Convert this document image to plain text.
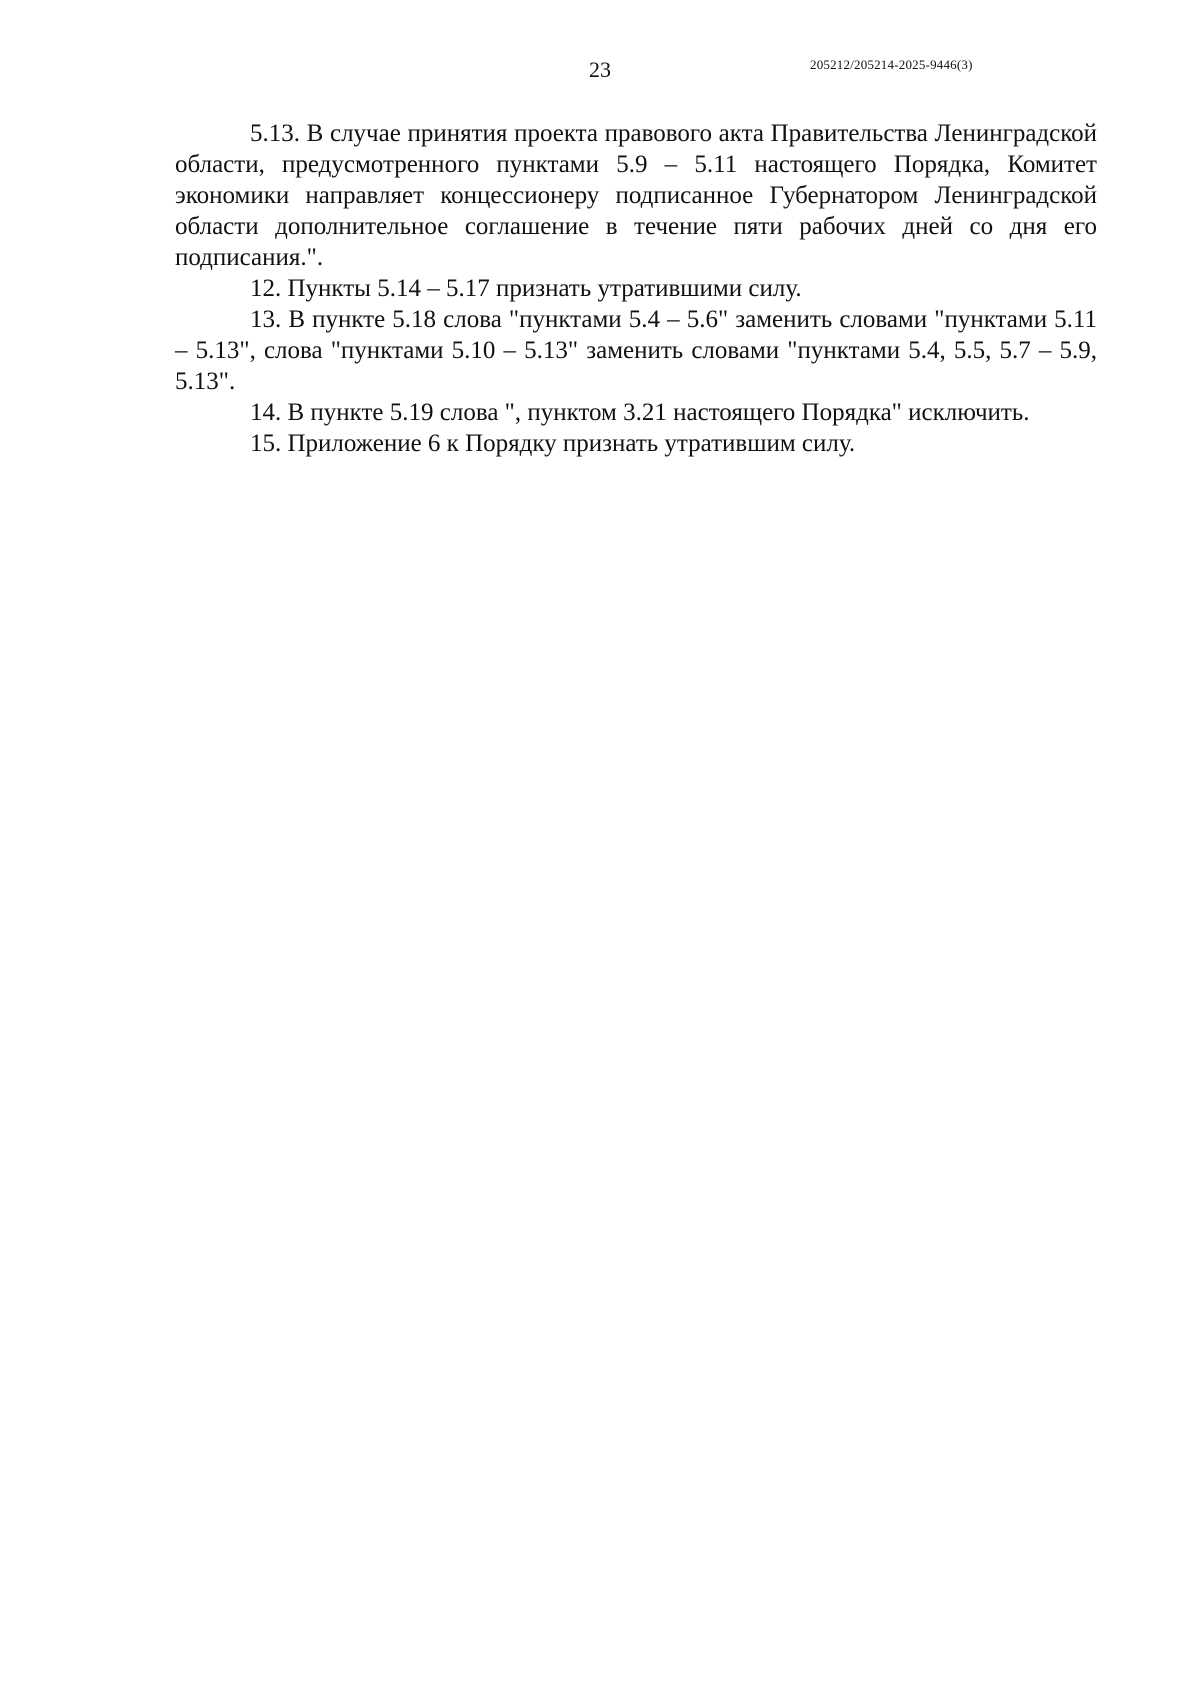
23	205212/205214-2025-9446(3)

5.13. В случае принятия проекта правового акта Правительства Ленинградской области, предусмотренного пунктами 5.9 – 5.11 настоящего Порядка, Комитет экономики направляет концессионеру подписанное Губернатором Ленинградской области дополнительное соглашение в течение пяти рабочих дней со дня его подписания.".

12. Пункты 5.14 – 5.17 признать утратившими силу.

13. В пункте 5.18 слова "пунктами 5.4 – 5.6" заменить словами "пунктами 5.11 – 5.13", слова "пунктами 5.10 – 5.13" заменить словами "пунктами 5.4, 5.5, 5.7 – 5.9, 5.13".

14. В пункте 5.19 слова ", пунктом 3.21 настоящего Порядка" исключить.

15. Приложение 6 к Порядку признать утратившим силу.
